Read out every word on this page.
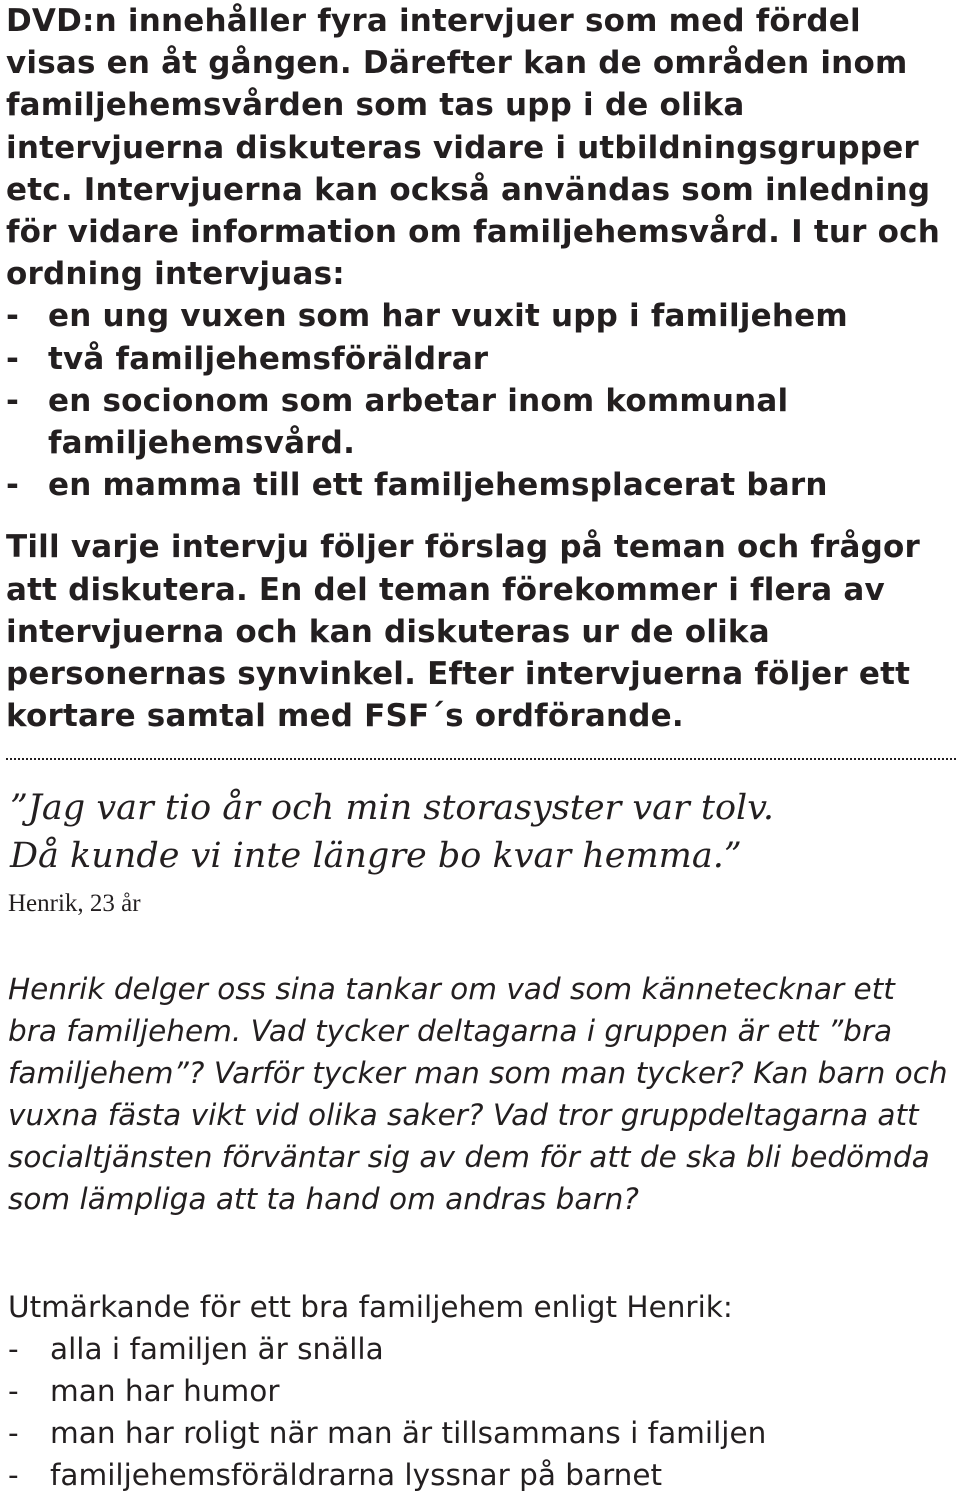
DVD:n innehåller fyra intervjuer som med fördel visas en åt gången. Därefter kan de områden inom familjehemsvården som tas upp i de olika intervjuerna diskuteras vidare i utbildningsgrupper etc. Intervjuerna kan också användas som inledning för vidare information om familjehemsvård. I tur och ordning intervjuas:

- en ung vuxen som har vuxit upp i familjehem
- två familjehemsföräldrar
- en socionom som arbetar inom kommunal familjehemsvård.
- en mamma till ett familjehemsplacerat barn

Till varje intervju följer förslag på teman och frågor att diskutera. En del teman förekommer i flera av intervjuerna och kan diskuteras ur de olika personernas synvinkel. Efter intervjuerna följer ett kortare samtal med FSF´s ordförande.

”Jag var tio år och min storasyster var tolv.
Då kunde vi inte längre bo kvar hemma.”

Henrik, 23 år

Henrik delger oss sina tankar om vad som kännetecknar ett bra familjehem. Vad tycker deltagarna i gruppen är ett ”bra familjehem”? Varför tycker man som man tycker? Kan barn och vuxna fästa vikt vid olika saker? Vad tror gruppdeltagarna att socialtjänsten förväntar sig av dem för att de ska bli bedömda som lämpliga att ta hand om andras barn?

Utmärkande för ett bra familjehem enligt Henrik:

- alla i familjen är snälla
- man har humor
- man har roligt när man är tillsammans i familjen
- familjehemsföräldrarna lyssnar på barnet
